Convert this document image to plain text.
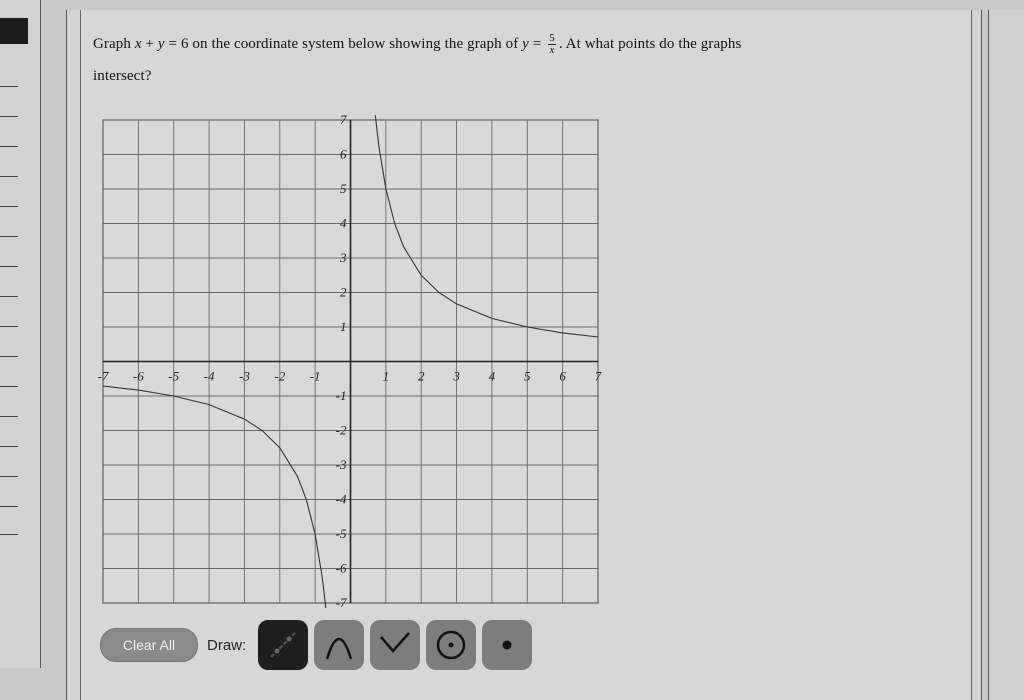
Graph x + y = 6 on the coordinate system below showing the graph of $y = \frac{5}{x}$ . At what points do the graphs
intersect?
-7 -6 -5 -4 -3 -2 -1	1 2 3 4 5 6 7
7
6
5
4
3
2
1
-1
-2
-3
-4
-5
-6
-7
Clear All	Draw:
